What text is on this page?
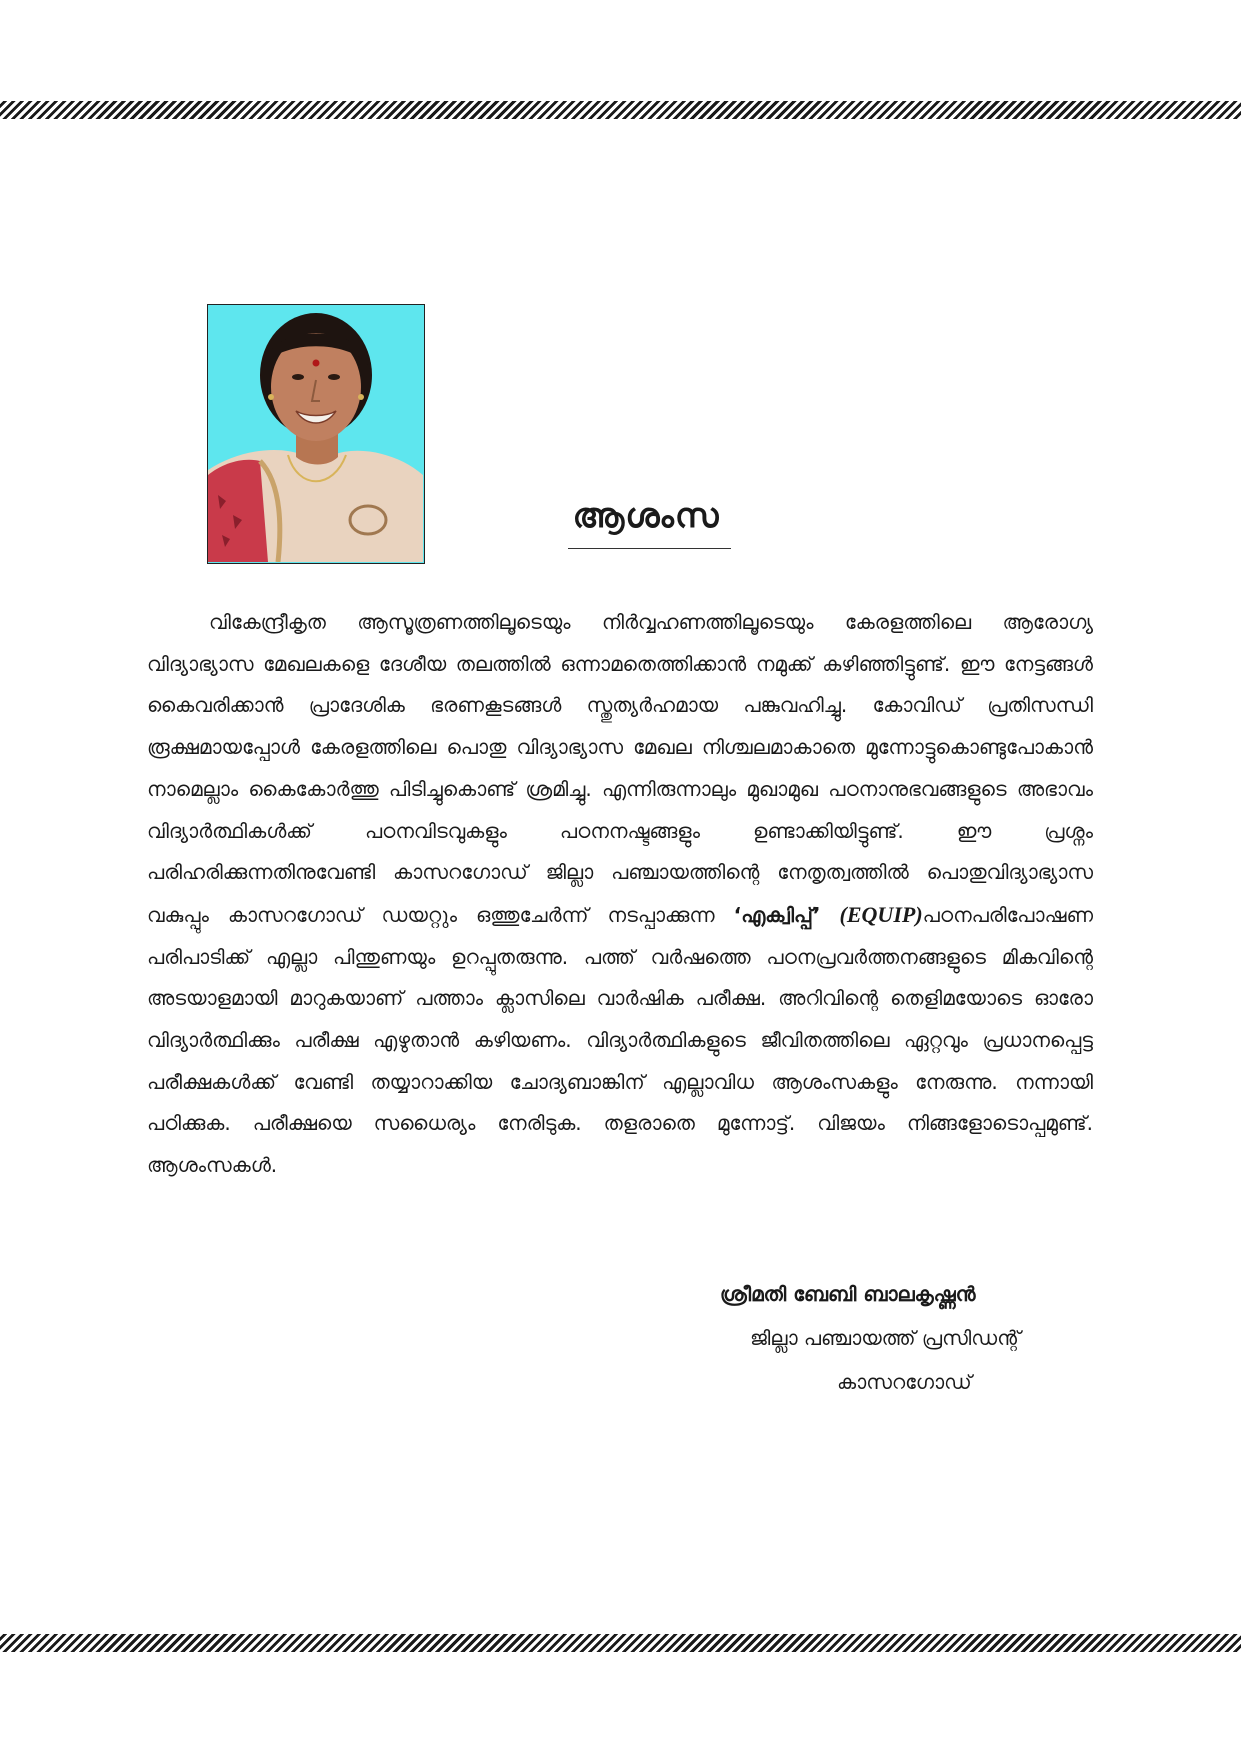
ആശംസ

വികേന്ദ്രീകൃത ആസൂത്രണത്തിലൂടെയും നിർവ്വഹണത്തിലൂടെയും കേരളത്തിലെ ആരോഗ്യ വിദ്യാഭ്യാസ മേഖലകളെ ദേശീയ തലത്തിൽ ഒന്നാമതെത്തിക്കാൻ നമുക്ക് കഴിഞ്ഞിട്ടുണ്ട്. ഈ നേട്ടങ്ങൾ കൈവരിക്കാൻ പ്രാദേശിക ഭരണകൂടങ്ങൾ സ്തുത്യർഹമായ പങ്കുവഹിച്ചു. കോവിഡ് പ്രതിസന്ധി രൂക്ഷമായപ്പോൾ കേരളത്തിലെ പൊതു വിദ്യാഭ്യാസ മേഖല നിശ്ചലമാകാതെ മുന്നോട്ടുകൊണ്ടുപോകാൻ നാമെല്ലാം കൈകോർത്തു പിടിച്ചുകൊണ്ട് ശ്രമിച്ചു. എന്നിരുന്നാലും മുഖാമുഖ പഠനാനുഭവങ്ങളുടെ അഭാവം വിദ്യാർത്ഥികൾക്ക് പഠനവിടവുകളും പഠനനഷ്ടങ്ങളും ഉണ്ടാക്കിയിട്ടുണ്ട്. ഈ പ്രശ്നം പരിഹരിക്കുന്നതിനുവേണ്ടി കാസറഗോഡ് ജില്ലാ പഞ്ചായത്തിന്റെ നേതൃത്വത്തിൽ പൊതുവിദ്യാഭ്യാസ വകുപ്പും കാസറഗോഡ് ഡയറ്റും ഒത്തുചേർന്ന് നടപ്പാക്കുന്ന ‘എക്വിപ്പ്’ (EQUIP)പഠനപരിപോഷണ പരിപാടിക്ക് എല്ലാ പിന്തുണയും ഉറപ്പുതരുന്നു. പത്ത് വർഷത്തെ പഠനപ്രവർത്തനങ്ങളുടെ മികവിന്റെ അടയാളമായി മാറുകയാണ് പത്താം ക്ലാസിലെ വാർഷിക പരീക്ഷ. അറിവിന്റെ തെളിമയോടെ ഓരോ വിദ്യാർത്ഥിക്കും പരീക്ഷ എഴുതാൻ കഴിയണം. വിദ്യാർത്ഥികളുടെ ജീവിതത്തിലെ ഏറ്റവും പ്രധാനപ്പെട്ട പരീക്ഷകൾക്ക് വേണ്ടി തയ്യാറാക്കിയ ചോദ്യബാങ്കിന് എല്ലാവിധ ആശംസകളും നേരുന്നു. നന്നായി പഠിക്കുക. പരീക്ഷയെ സധൈര്യം നേരിടുക. തളരാതെ മുന്നോട്ട്. വിജയം നിങ്ങളോടൊപ്പമുണ്ട്. ആശംസകൾ.

ശ്രീമതി ബേബി ബാലകൃഷ്ണൻ
ജില്ലാ പഞ്ചായത്ത് പ്രസിഡന്റ്
കാസറഗോഡ്
